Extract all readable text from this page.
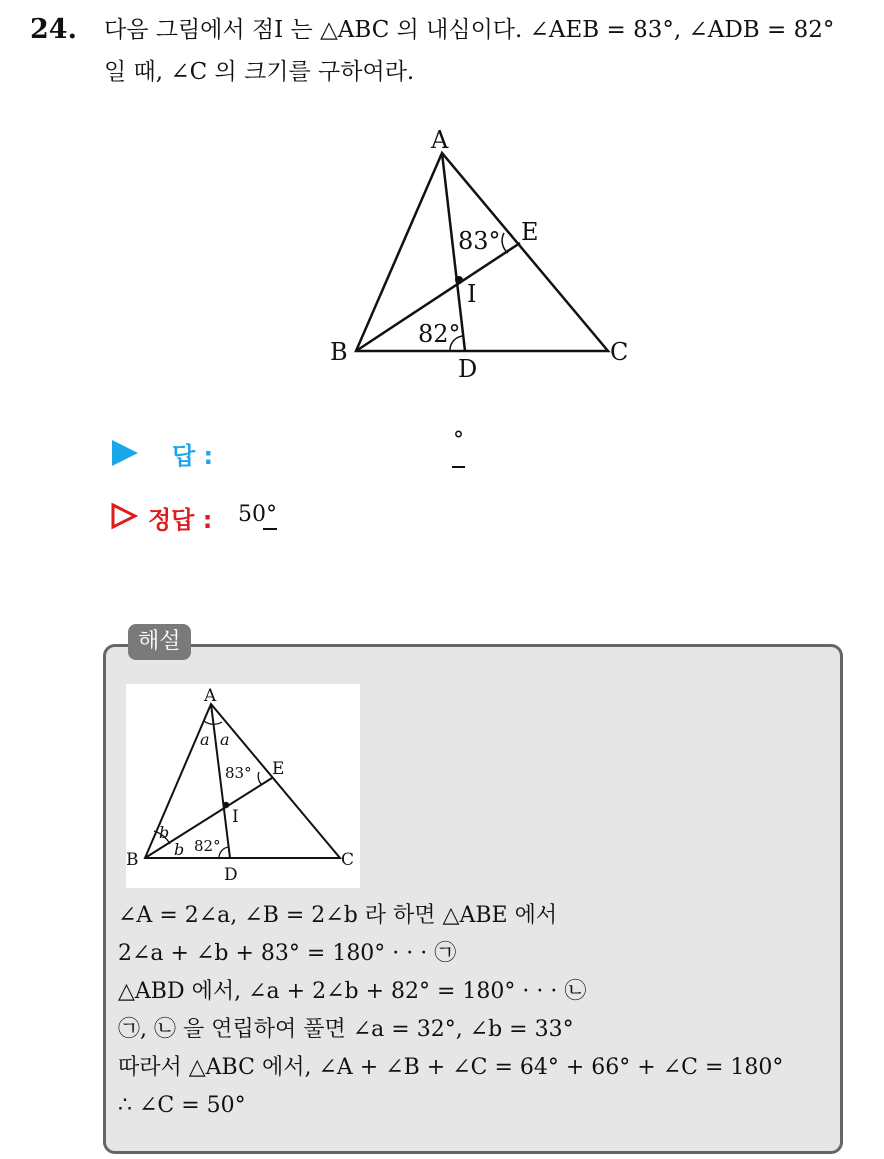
24. 다음 그림에서 점I 는 △ABC 의 내심이다. ∠AEB = 83°, ∠ADB = 82°
일 때, ∠C 의 크기를 구하여라.
A
B	C
D
E
I
83°
82°
답 :
°
정답 : 50°
해설
A
B	C
D
E
I
83°
82°
a a
b
b
∠A = 2∠a, ∠B = 2∠b 라 하면 △ABE 에서
2∠a + ∠b + 83° = 180° · · · ㉠
△ABD 에서, ∠a + 2∠b + 82° = 180° · · · ㉡
㉠, ㉡ 을 연립하여 풀면 ∠a = 32°, ∠b = 33°
따라서 △ABC 에서, ∠A + ∠B + ∠C = 64° + 66° + ∠C = 180°
∴ ∠C = 50°
